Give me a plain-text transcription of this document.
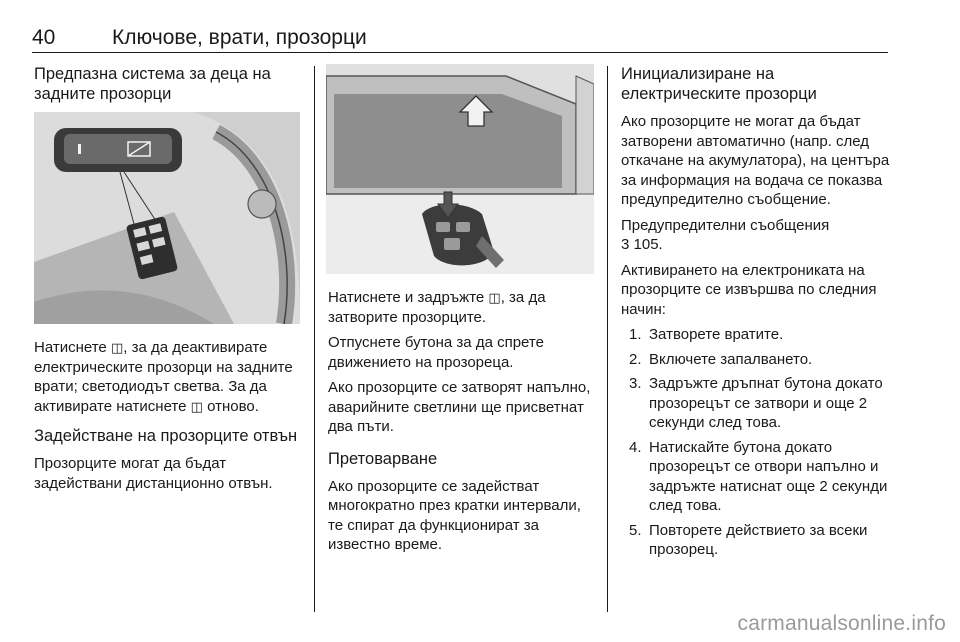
40	Ключове, врати, прозорци
Предпазна система за деца на задните прозорци

Натиснете ◫, за да деактивирате електрическите прозорци на задните врати; светодиодът светва. За да активирате натиснете ◫ отново.

Задействане на прозорците отвън

Прозорците могат да бъдат задействани дистанционно отвън.

Натиснете и задръжте ◫, за да затворите прозорците.

Отпуснете бутона за да спрете движението на прозореца.

Ако прозорците се затворят напълно, аварийните светлини ще присветнат два пъти.

Претоварване

Ако прозорците се задействат многократно през кратки интервали, те спират да функционират за известно време.

Инициализиране на електрическите прозорци

Ако прозорците не могат да бъдат затворени автоматично (напр. след откачане на акумулатора), на центъра за информация на водача се показва предупредително съобщение.

Предупредителни съобщения
3 105.

Активирането на електрониката на прозорците се извършва по следния начин:

1. Затворете вратите.
2. Включете запалването.
3. Задръжте дръпнат бутона докато прозорецът се затвори и още 2 секунди след това.
4. Натискайте бутона докато прозорецът се отвори напълно и задръжте натиснат още 2 секунди след това.
5. Повторете действието за всеки прозорец.
carmanualsonline.info
